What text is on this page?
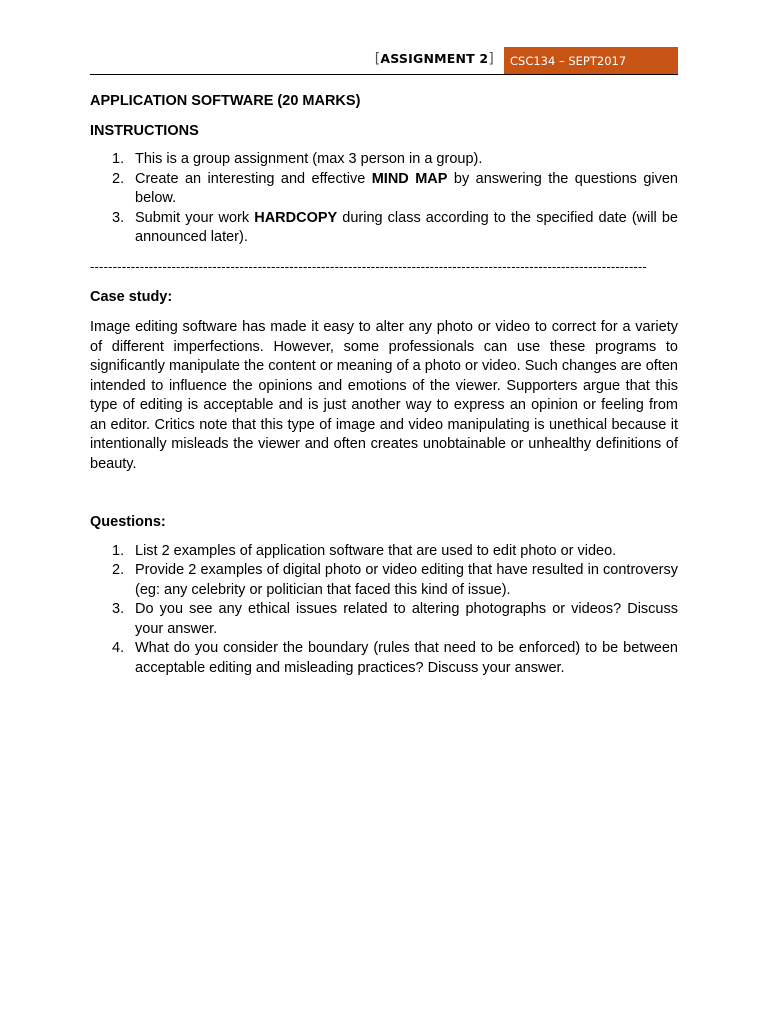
[ASSIGNMENT 2]	CSC134 – SEPT2017
APPLICATION SOFTWARE (20 MARKS)
INSTRUCTIONS
1. This is a group assignment (max 3 person in a group).
2. Create an interesting and effective MIND MAP by answering the questions given below.
3. Submit your work HARDCOPY during class according to the specified date (will be announced later).
---------------------------------------------------------------------------------------------------------------------------
Case study:

Image editing software has made it easy to alter any photo or video to correct for a variety of different imperfections. However, some professionals can use these programs to significantly manipulate the content or meaning of a photo or video. Such changes are often intended to influence the opinions and emotions of the viewer. Supporters argue that this type of editing is acceptable and is just another way to express an opinion or feeling from an editor. Critics note that this type of image and video manipulating is unethical because it intentionally misleads the viewer and often creates unobtainable or unhealthy definitions of beauty.

Questions:
1. List 2 examples of application software that are used to edit photo or video.
2. Provide 2 examples of digital photo or video editing that have resulted in controversy (eg: any celebrity or politician that faced this kind of issue).
3. Do you see any ethical issues related to altering photographs or videos? Discuss your answer.
4. What do you consider the boundary (rules that need to be enforced) to be between acceptable editing and misleading practices? Discuss your answer.
